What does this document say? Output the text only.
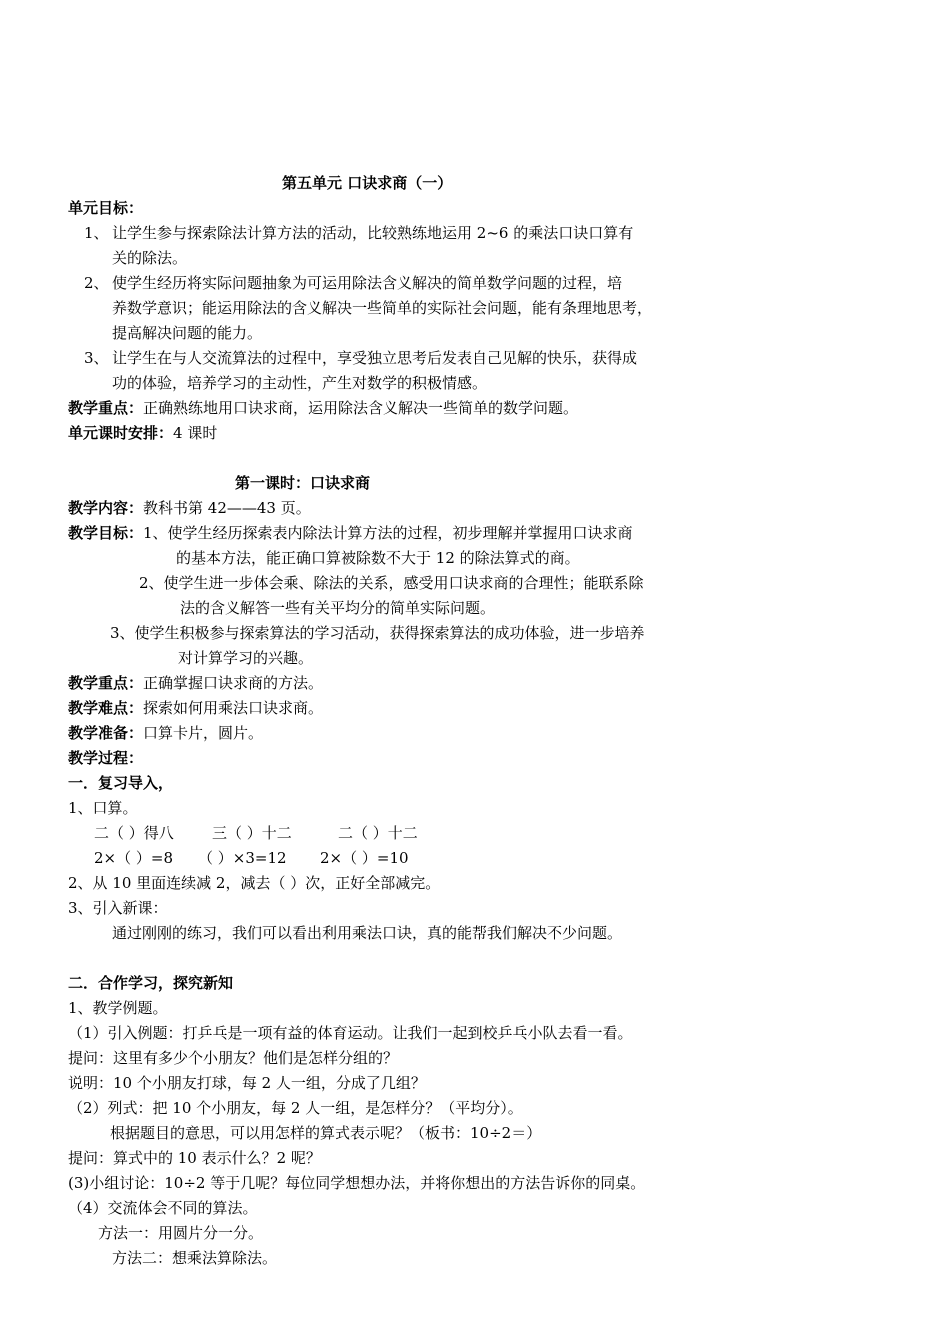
第五单元 口诀求商（一）
单元目标：
1、 让学生参与探索除法计算方法的活动，比较熟练地运用 2~6 的乘法口诀口算有
关的除法。
2、 使学生经历将实际问题抽象为可运用除法含义解决的简单数学问题的过程，培
养数学意识；能运用除法的含义解决一些简单的实际社会问题，能有条理地思考，
提高解决问题的能力。
3、 让学生在与人交流算法的过程中，享受独立思考后发表自己见解的快乐，获得成
功的体验，培养学习的主动性，产生对数学的积极情感。
教学重点：正确熟练地用口诀求商，运用除法含义解决一些简单的数学问题。
单元课时安排：4 课时
第一课时：口诀求商
教学内容：教科书第 42——43 页。
教学目标：1、使学生经历探索表内除法计算方法的过程，初步理解并掌握用口诀求商
的基本方法，能正确口算被除数不大于 12 的除法算式的商。
2、使学生进一步体会乘、除法的关系，感受用口诀求商的合理性；能联系除
法的含义解答一些有关平均分的简单实际问题。
3、使学生积极参与探索算法的学习活动，获得探索算法的成功体验，进一步培养
对计算学习的兴趣。
教学重点：正确掌握口诀求商的方法。
教学难点：探索如何用乘法口诀求商。
教学准备：口算卡片，圆片。
教学过程：
一．复习导入，
1、口算。
二（ ）得八	三（ ）十二	二（ ）十二
2×（ ）=8 （ ）×3=12 2×（ ）=10
2、从 10 里面连续减 2，减去（ ）次，正好全部减完。
3、引入新课：
通过刚刚的练习，我们可以看出利用乘法口诀，真的能帮我们解决不少问题。
二．合作学习，探究新知
1、教学例题。
（1）引入例题：打乒乓是一项有益的体育运动。让我们一起到校乒乓小队去看一看。
提问：这里有多少个小朋友？他们是怎样分组的？
说明：10 个小朋友打球，每 2 人一组，分成了几组？
（2）列式：把 10 个小朋友，每 2 人一组，是怎样分？（平均分）。
根据题目的意思，可以用怎样的算式表示呢？（板书：10÷2＝）
提问：算式中的 10 表示什么？2 呢？
(3)小组讨论：10÷2 等于几呢？每位同学想想办法，并将你想出的方法告诉你的同桌。
（4）交流体会不同的算法。
方法一：用圆片分一分。
方法二：想乘法算除法。
